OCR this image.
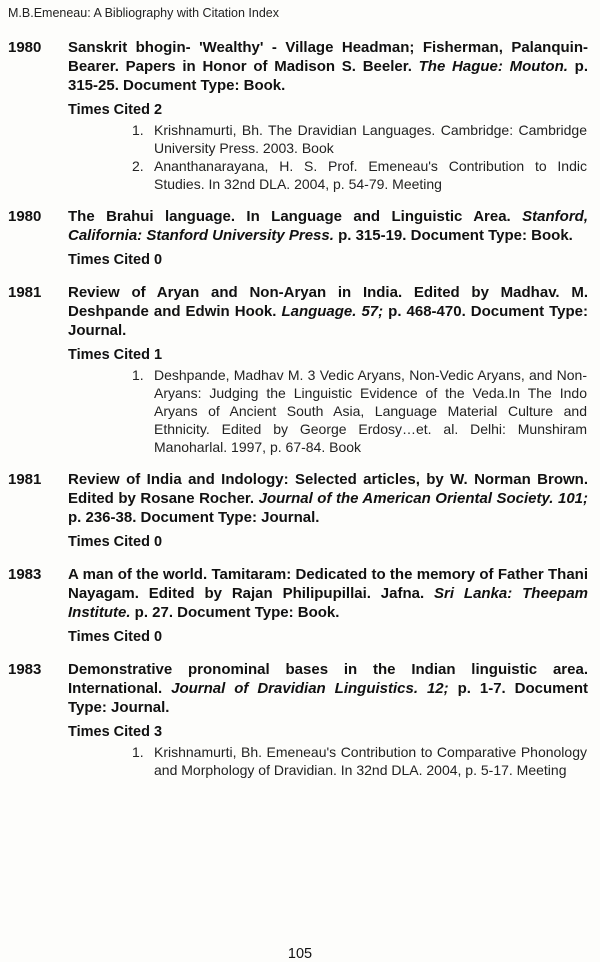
M.B.Emeneau: A Bibliography with Citation Index
1980 Sanskrit bhogin- 'Wealthy' - Village Headman; Fisherman, Palanquin-Bearer. Papers in Honor of Madison S. Beeler. The Hague: Mouton. p. 315-25. Document Type: Book.
Times Cited 2
1. Krishnamurti, Bh. The Dravidian Languages. Cambridge: Cambridge University Press. 2003. Book
2. Ananthanarayana, H. S. Prof. Emeneau's Contribution to Indic Studies. In 32nd DLA. 2004, p. 54-79. Meeting
1980 The Brahui language. In Language and Linguistic Area. Stanford, California: Stanford University Press. p. 315-19. Document Type: Book.
Times Cited 0
1981 Review of Aryan and Non-Aryan in India. Edited by Madhav. M. Deshpande and Edwin Hook. Language. 57; p. 468-470. Document Type: Journal.
Times Cited 1
1. Deshpande, Madhav M. 3 Vedic Aryans, Non-Vedic Aryans, and Non-Aryans: Judging the Linguistic Evidence of the Veda.In The Indo Aryans of Ancient South Asia, Language Material Culture and Ethnicity. Edited by George Erdosy…et. al. Delhi: Munshiram Manoharlal. 1997, p. 67-84. Book
1981 Review of India and Indology: Selected articles, by W. Norman Brown. Edited by Rosane Rocher. Journal of the American Oriental Society. 101; p. 236-38. Document Type: Journal.
Times Cited 0
1983 A man of the world. Tamitaram: Dedicated to the memory of Father Thani Nayagam. Edited by Rajan Philipupillai. Jafna. Sri Lanka: Theepam Institute. p. 27. Document Type: Book.
Times Cited 0
1983 Demonstrative pronominal bases in the Indian linguistic area. International. Journal of Dravidian Linguistics. 12; p. 1-7. Document Type: Journal.
Times Cited 3
1. Krishnamurti, Bh. Emeneau's Contribution to Comparative Phonology and Morphology of Dravidian. In 32nd DLA. 2004, p. 5-17. Meeting
105
